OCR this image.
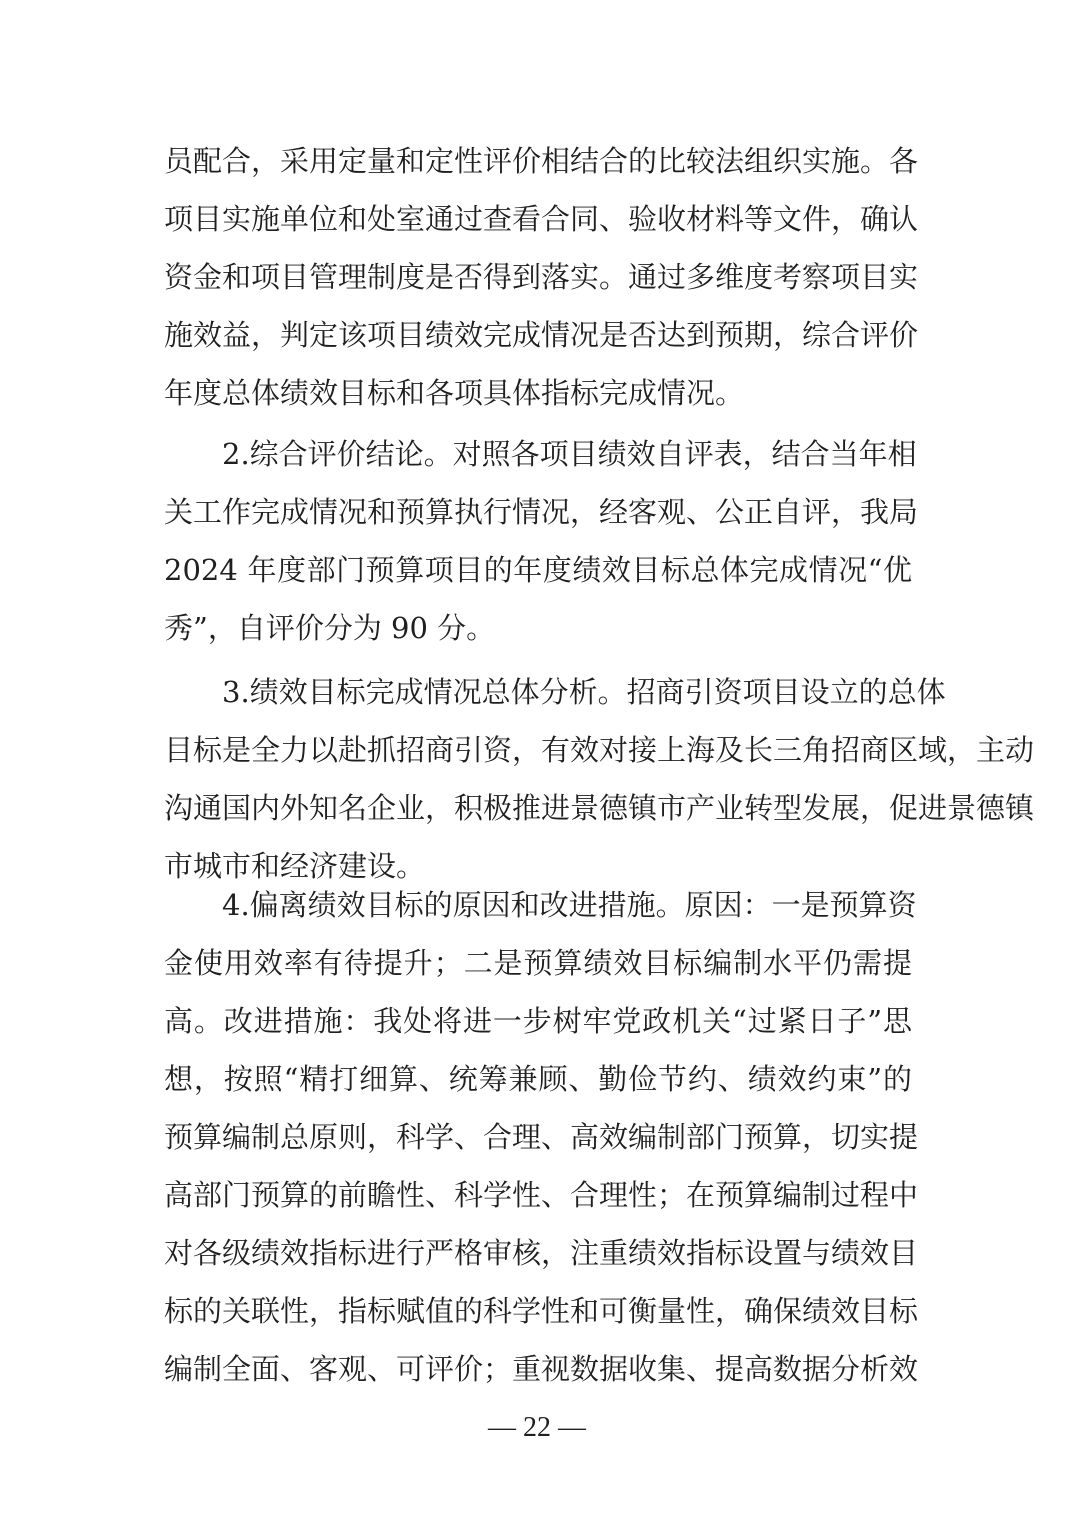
员配合，采用定量和定性评价相结合的比较法组织实施。各
项目实施单位和处室通过查看合同、验收材料等文件，确认
资金和项目管理制度是否得到落实。通过多维度考察项目实
施效益，判定该项目绩效完成情况是否达到预期，综合评价
年度总体绩效目标和各项具体指标完成情况。
2.综合评价结论。对照各项目绩效自评表，结合当年相
关工作完成情况和预算执行情况，经客观、公正自评，我局
2024 年度部门预算项目的年度绩效目标总体完成情况“优
秀”，自评价分为 90 分。
3.绩效目标完成情况总体分析。招商引资项目设立的总体
目标是全力以赴抓招商引资，有效对接上海及长三角招商区域，主动
沟通国内外知名企业，积极推进景德镇市产业转型发展，促进景德镇
市城市和经济建设。
4.偏离绩效目标的原因和改进措施。原因：一是预算资
金使用效率有待提升；二是预算绩效目标编制水平仍需提
高。改进措施：我处将进一步树牢党政机关“过紧日子”思
想，按照“精打细算、统筹兼顾、勤俭节约、绩效约束”的
预算编制总原则，科学、合理、高效编制部门预算，切实提
高部门预算的前瞻性、科学性、合理性；在预算编制过程中
对各级绩效指标进行严格审核，注重绩效指标设置与绩效目
标的关联性，指标赋值的科学性和可衡量性，确保绩效目标
编制全面、客观、可评价；重视数据收集、提高数据分析效
— 22 —
